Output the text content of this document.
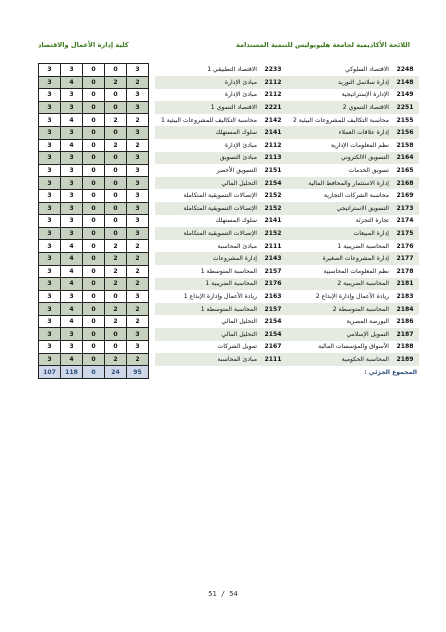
اللائحة الأكاديمية لجامعة هليوبوليس للتنمية المستدامة
كلية إدارة الأعمال والاقتصاد
2248	الاقتصاد السلوكي	2233	الاقتصاد التطبيقي 1		3	0	0	3	3
2148	إدارة سلاسل التوريد	2112	مبادئ الإدارة		2	2	0	4	3
2149	الإدارة الإستراتيجية	2112	مبادئ الإدارة		3	0	0	3	3
2251	الاقتصاد التنموي 2	2221	الاقتصاد التنموي 1		3	0	0	3	3
2155	محاسبة التكاليف للمشروعات البيئية 2	2142	محاسبة التكاليف للمشروعات البيئية 1		2	2	0	4	3
2156	إدارة علاقات العملاء	2141	سلوك المستهلك		3	0	0	3	3
2158	نظم المعلومات الإدارية	2112	مبادئ الإدارة		2	2	0	4	3
2164	التسويق الالكتروني	2113	مبادئ التسويق		3	0	0	3	3
2165	تسويق الخدمات	2151	التسويق الأخضر		3	0	0	3	3
2168	إدارة الاستثمار والمحافظ المالية	2154	التحليل المالي		3	0	0	3	3
2169	محاسبة الشركات التجارية	2152	الإتصالات التسويقية المتكاملة		3	0	0	3	3
2173	التسويق الاستراتيجي	2152	الإتصالات التسويقية المتكاملة		3	0	0	3	3
2174	تجارة التجزئة	2141	سلوك المستهلك		3	0	0	3	3
2175	إدارة المبيعات	2152	الإتصالات التسويقية المتكاملة		3	0	0	3	3
2176	المحاسبة الضريبية 1	2111	مبادئ المحاسبة		2	2	0	4	3
2177	إدارة المشروعات الصغيرة	2143	إدارة المشروعات		2	2	0	4	3
2178	نظم المعلومات المحاسبية	2157	المحاسبة المتوسطة 1		2	2	0	4	3
2181	المحاسبة الضريبية 2	2176	المحاسبة الضريبية 1		2	2	0	4	3
2183	ريادة الأعمال وإدارة الإبداع 2	2163	ريادة الأعمال وإدارة الإبداع 1		3	0	0	3	3
2184	المحاسبة المتوسطة 2	2157	المحاسبة المتوسطة 1		2	2	0	4	3
2186	البورصة المصرية	2154	التحليل المالي		2	2	0	4	3
2187	التمويل الإسلامي	2154	التحليل المالي		3	0	0	3	3
2188	الأسواق والمؤسسات المالية	2167	تمويل الشركات		3	0	0	3	3
2189	المحاسبة الحكومية	2111	مبادئ المحاسبة		2	2	0	4	3
المجموع الجزئي :					95	24	0	118	107
51 / 54
